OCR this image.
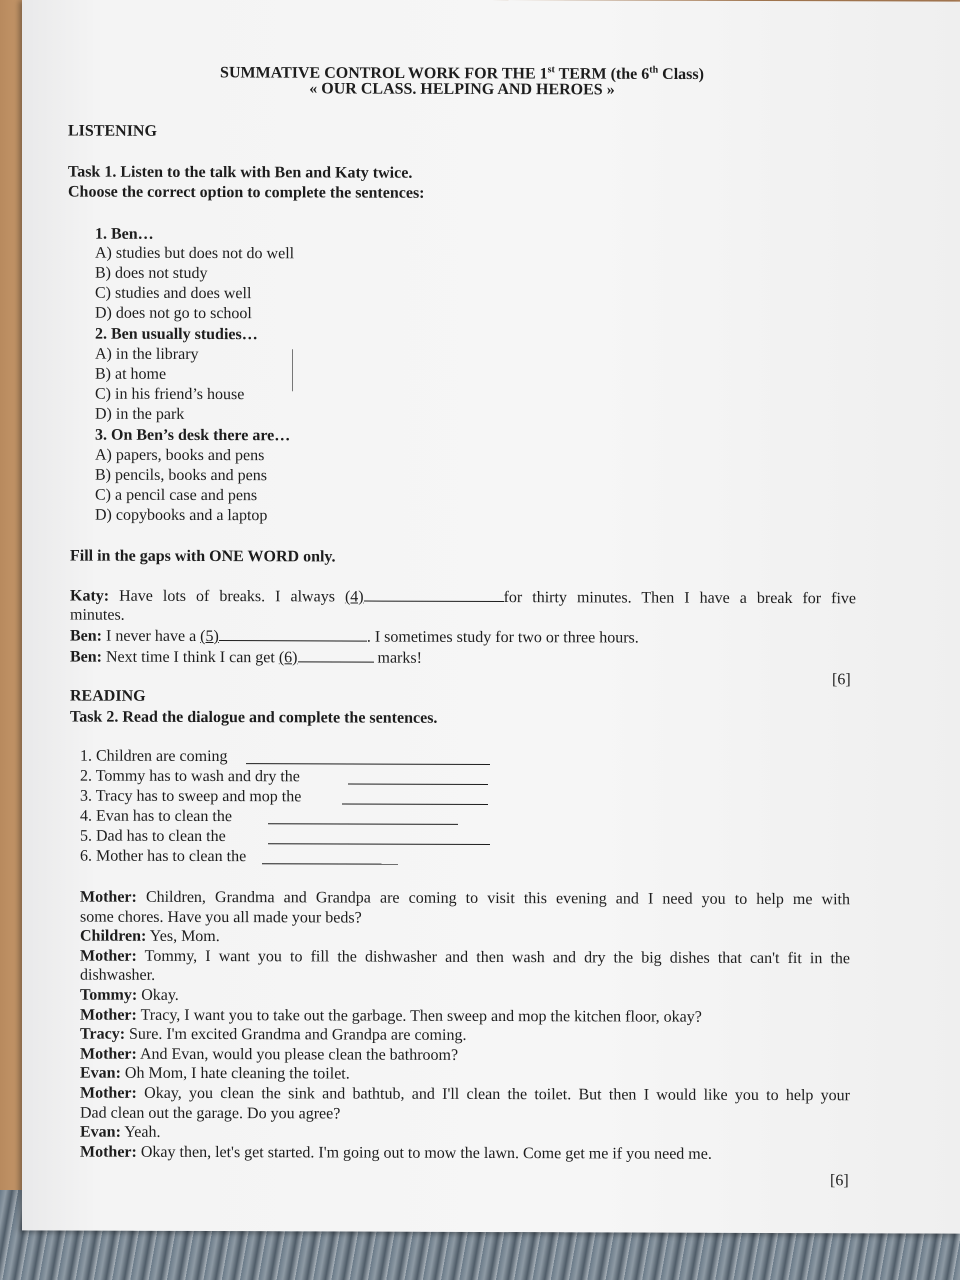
SUMMATIVE CONTROL WORK FOR THE 1st TERM (the 6th Class)
« OUR CLASS. HELPING AND HEROES »
LISTENING
Task 1. Listen to the talk with Ben and Katy twice.
Choose the correct option to complete the sentences:
1. Ben…
A) studies but does not do well
B) does not study
C) studies and does well
D) does not go to school
2. Ben usually studies…
A) in the library
B) at home
C) in his friend’s house
D) in the park
3. On Ben’s desk there are…
A) papers, books and pens
B) pencils, books and pens
C) a pencil case and pens
D) copybooks and a laptop
Fill in the gaps with ONE WORD only.
Katy: Have lots of breaks. I always (4)	for thirty minutes. Then I have a break for five
minutes.
Ben: I never have a (5)	. I sometimes study for two or three hours.
Ben: Next time I think I can get (6)	marks!
[6]
READING
Task 2. Read the dialogue and complete the sentences.
1. Children are coming
2. Tommy has to wash and dry the
3. Tracy has to sweep and mop the
4. Evan has to clean the
5. Dad has to clean the
6. Mother has to clean the
Mother: Children, Grandma and Grandpa are coming to visit this evening and I need you to help me with
some chores. Have you all made your beds?
Children: Yes, Mom.
Mother: Tommy, I want you to fill the dishwasher and then wash and dry the big dishes that can't fit in the
dishwasher.
Tommy: Okay.
Mother: Tracy, I want you to take out the garbage. Then sweep and mop the kitchen floor, okay?
Tracy: Sure. I'm excited Grandma and Grandpa are coming.
Mother: And Evan, would you please clean the bathroom?
Evan: Oh Mom, I hate cleaning the toilet.
Mother: Okay, you clean the sink and bathtub, and I'll clean the toilet. But then I would like you to help your
Dad clean out the garage. Do you agree?
Evan: Yeah.
Mother: Okay then, let's get started. I'm going out to mow the lawn. Come get me if you need me.
[6]
